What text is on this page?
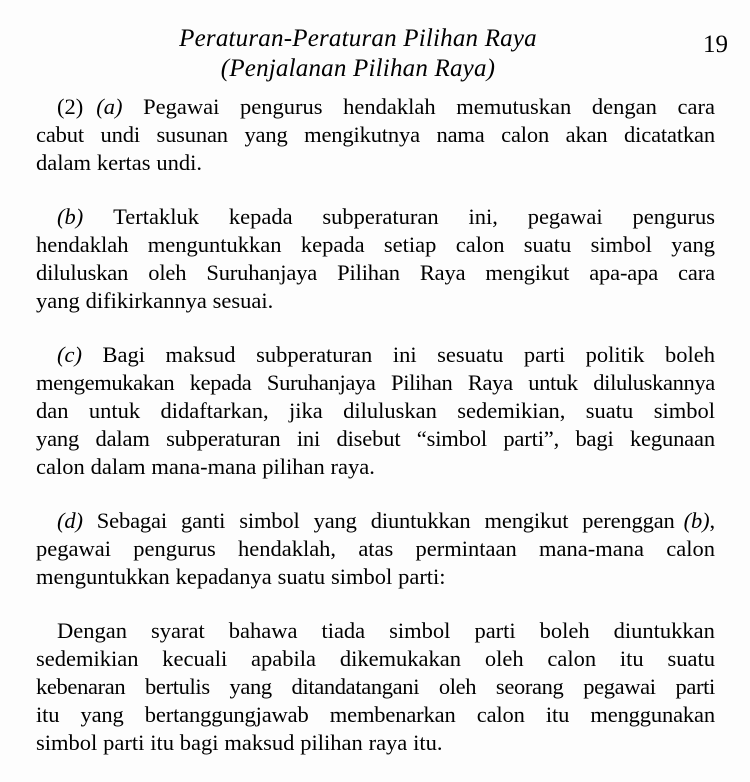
Peraturan-Peraturan Pilihan Raya
(Penjalanan Pilihan Raya)
19
(2) (a) Pegawai pengurus hendaklah memutuskan dengan cara
cabut undi susunan yang mengikutnya nama calon akan dicatatkan
dalam kertas undi.
(b) Tertakluk kepada subperaturan ini, pegawai pengurus
hendaklah menguntukkan kepada setiap calon suatu simbol yang
diluluskan oleh Suruhanjaya Pilihan Raya mengikut apa-apa cara
yang difikirkannya sesuai.
(c) Bagi maksud subperaturan ini sesuatu parti politik boleh
mengemukakan kepada Suruhanjaya Pilihan Raya untuk diluluskannya
dan untuk didaftarkan, jika diluluskan sedemikian, suatu simbol
yang dalam subperaturan ini disebut “simbol parti”, bagi kegunaan
calon dalam mana-mana pilihan raya.
(d) Sebagai ganti simbol yang diuntukkan mengikut perenggan (b),
pegawai pengurus hendaklah, atas permintaan mana-mana calon
menguntukkan kepadanya suatu simbol parti:
Dengan syarat bahawa tiada simbol parti boleh diuntukkan
sedemikian kecuali apabila dikemukakan oleh calon itu suatu
kebenaran bertulis yang ditandatangani oleh seorang pegawai parti
itu yang bertanggungjawab membenarkan calon itu menggunakan
simbol parti itu bagi maksud pilihan raya itu.
